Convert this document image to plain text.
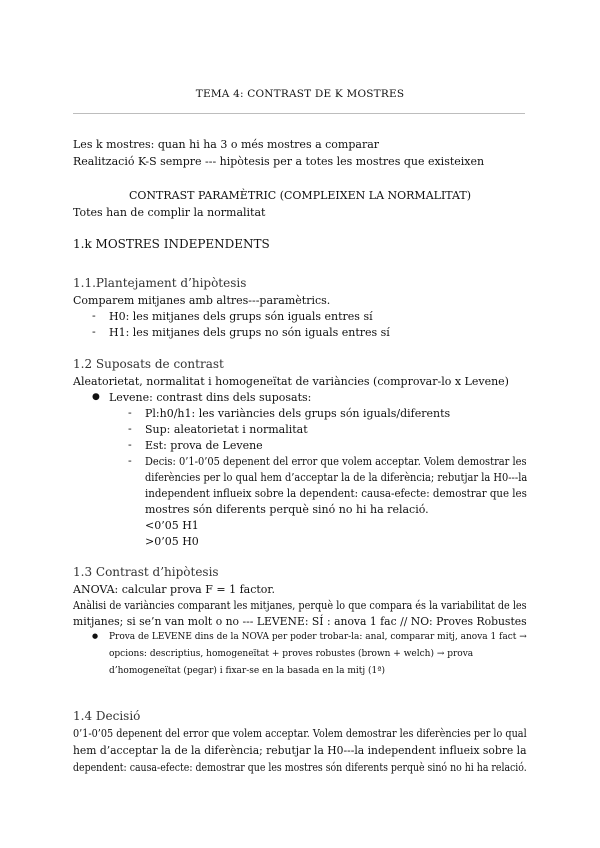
TEMA 4: CONTRAST DE K MOSTRES
Les k mostres: quan hi ha 3 o més mostres a comparar
Realització K-S sempre --- hipòtesis per a totes les mostres que existeixen
CONTRAST PARAMÈTRIC (COMPLEIXEN LA NORMALITAT)
Totes han de complir la normalitat
1.k MOSTRES INDEPENDENTS
1.1.Plantejament d’hipòtesis
Comparem mitjanes amb altres---paramètrics.
- H0: les mitjanes dels grups són iguals entres sí
- H1: les mitjanes dels grups no són iguals entres sí
1.2 Suposats de contrast
Aleatorietat, normalitat i homogeneïtat de variàncies (comprovar-lo x Levene)
● Levene: contrast dins dels suposats:
- Pl:h0/h1: les variàncies dels grups són iguals/diferents
- Sup: aleatorietat i normalitat
- Est: prova de Levene
- Decis: 0’1-0’05 depenent del error que volem acceptar. Volem demostrar les
diferències per lo qual hem d’acceptar la de la diferència; rebutjar la H0---la
independent influeix sobre la dependent: causa-efecte: demostrar que les
mostres són diferents perquè sinó no hi ha relació.
<0’05 H1
>0’05 H0
1.3 Contrast d’hipòtesis
ANOVA: calcular prova F = 1 factor.
Anàlisi de variàncies comparant les mitjanes, perquè lo que compara és la variabilitat de les
mitjanes; si se’n van molt o no --- LEVENE: SÍ : anova 1 fac // NO: Proves Robustes
● Prova de LEVENE dins de la NOVA per poder trobar-la: anal, comparar mitj, anova 1 fact →
opcions: descriptius, homogeneïtat + proves robustes (brown + welch) → prova
d’homogeneïtat (pegar) i fixar-se en la basada en la mitj (1ª)
1.4 Decisió
0’1-0’05 depenent del error que volem acceptar. Volem demostrar les diferències per lo qual
hem d’acceptar la de la diferència; rebutjar la H0---la independent influeix sobre la
dependent: causa-efecte: demostrar que les mostres són diferents perquè sinó no hi ha relació.
